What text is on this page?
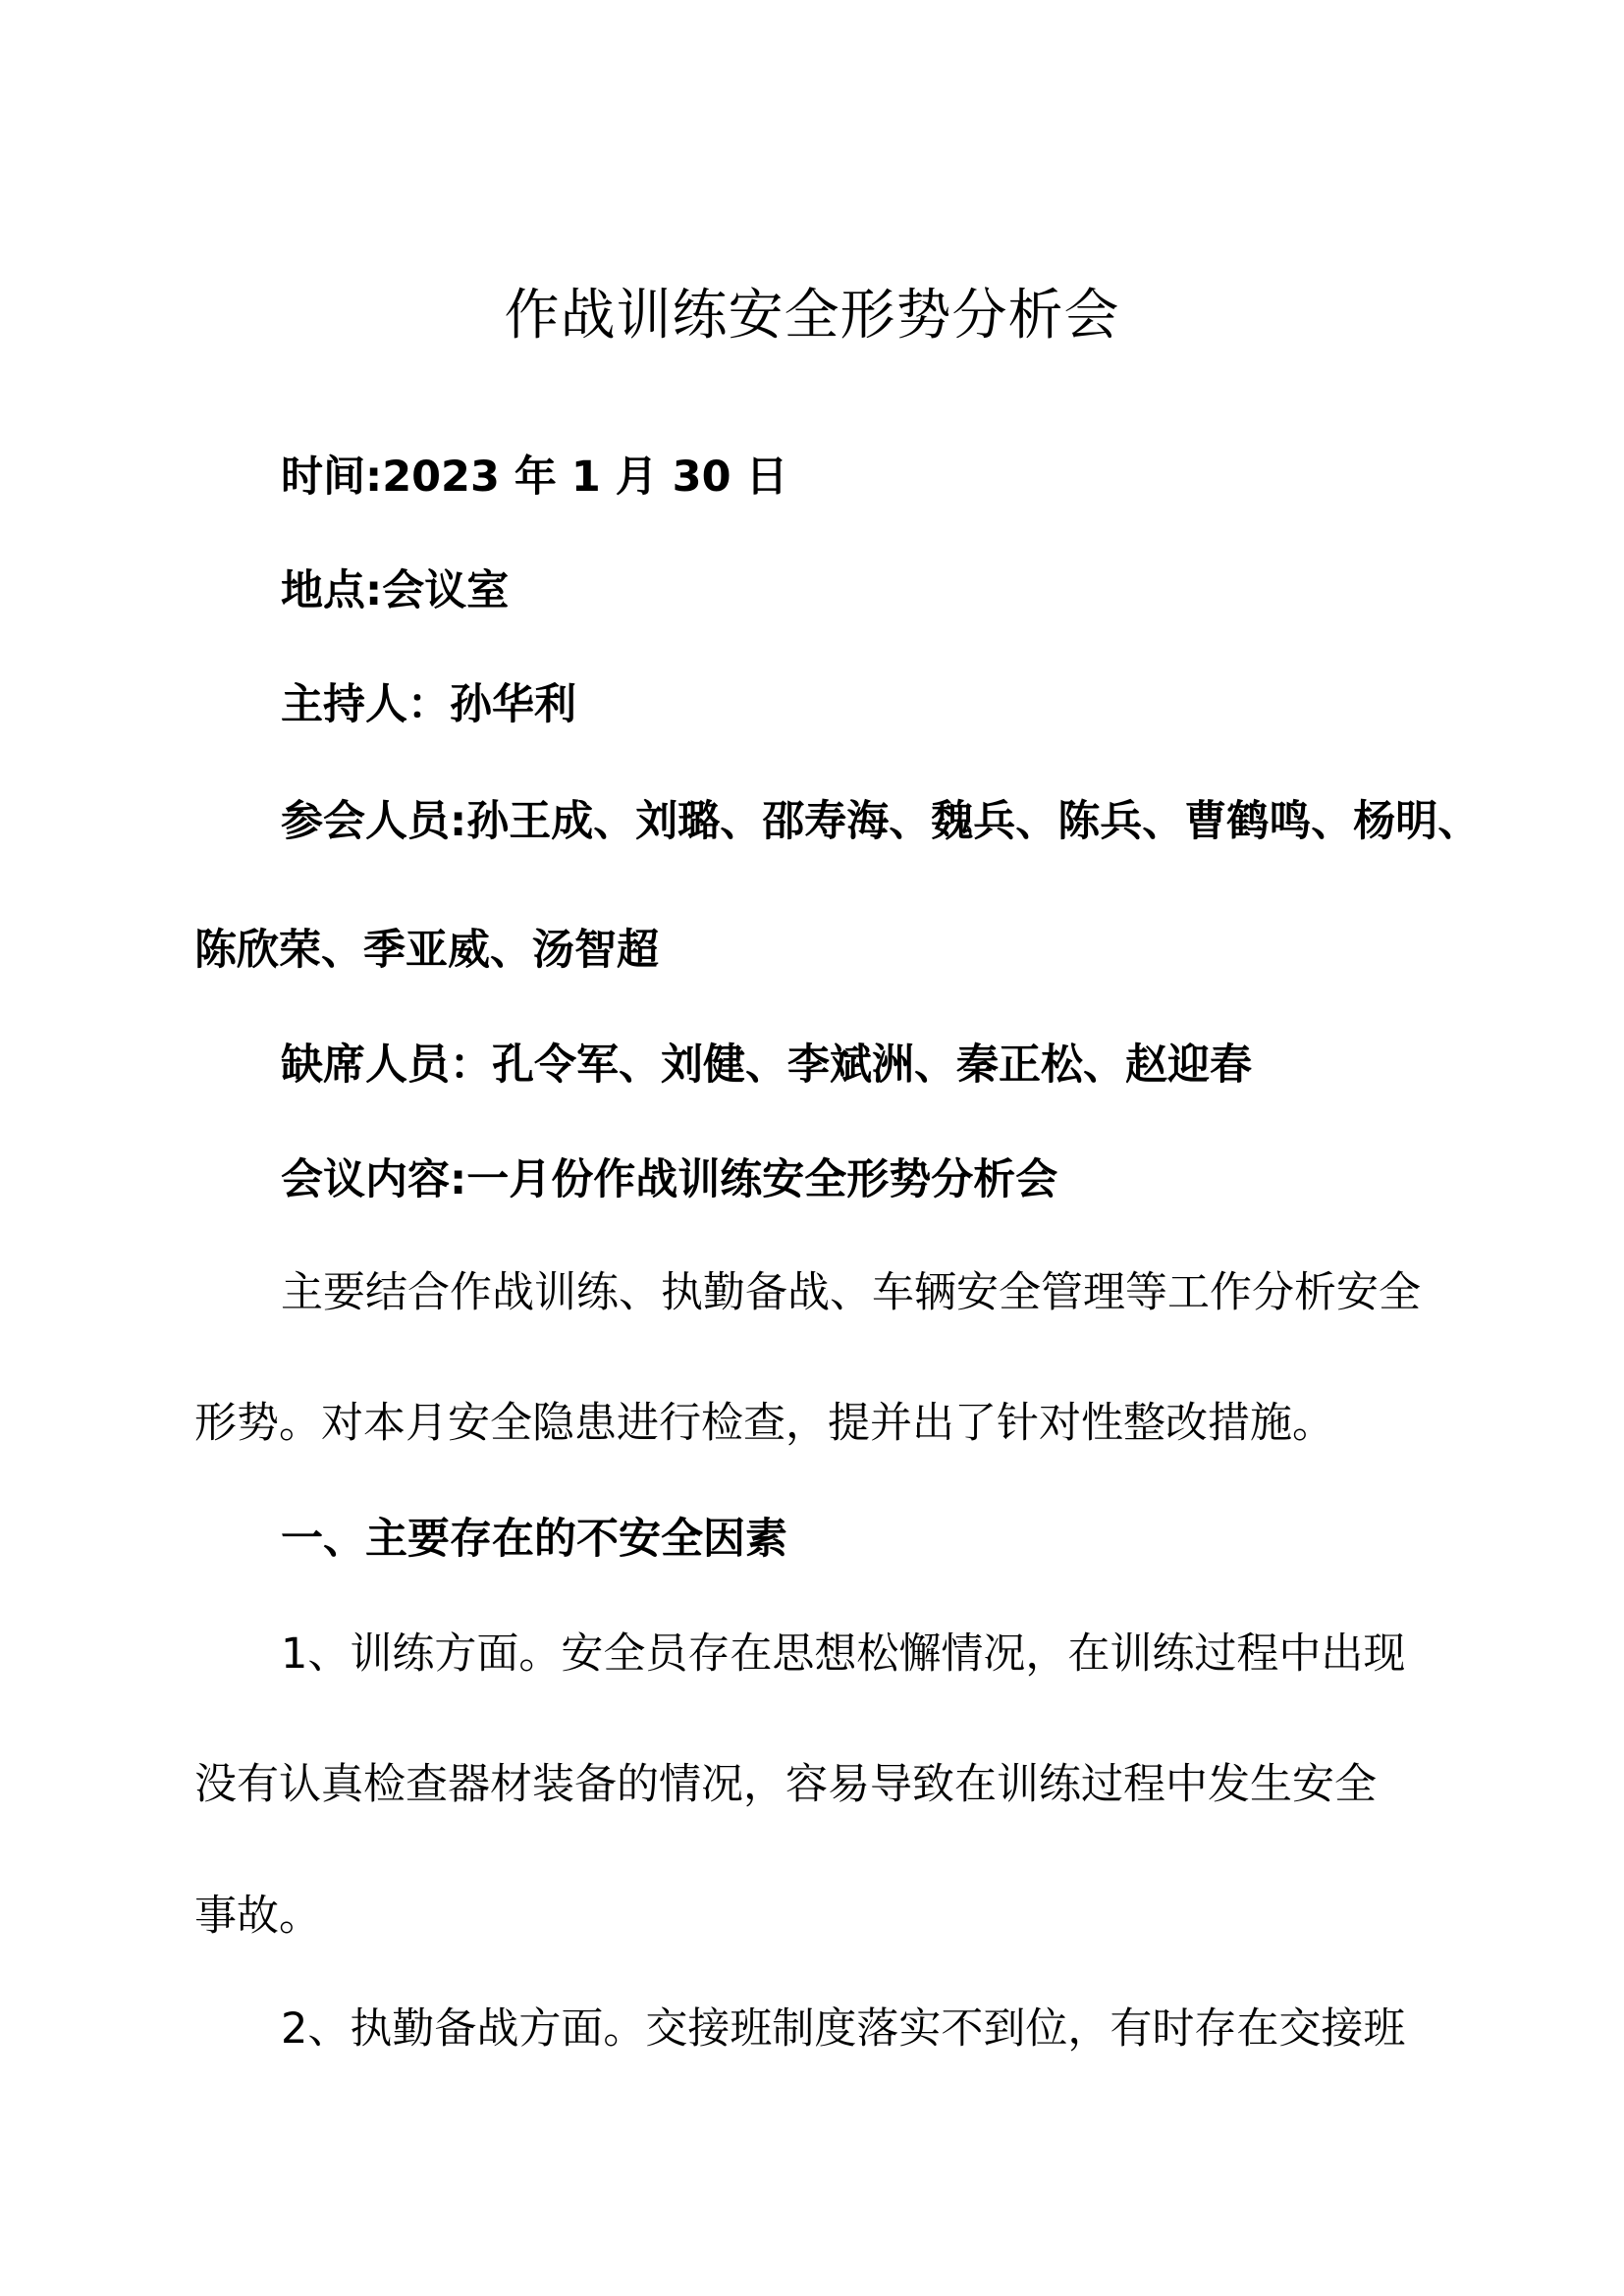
作战训练安全形势分析会

时间:2023 年 1 月 30 日

地点:会议室

主持人：孙华利

参会人员:孙王成、刘璐、邵寿海、魏兵、陈兵、曹鹤鸣、杨明、

陈欣荣、季亚威、汤智超

缺席人员：孔令军、刘健、李斌洲、秦正松、赵迎春

会议内容:一月份作战训练安全形势分析会

主要结合作战训练、执勤备战、车辆安全管理等工作分析安全

形势。对本月安全隐患进行检查，提并出了针对性整改措施。

一、主要存在的不安全因素

1、训练方面。安全员存在思想松懈情况，在训练过程中出现

没有认真检查器材装备的情况，容易导致在训练过程中发生安全

事故。

2、执勤备战方面。交接班制度落实不到位，有时存在交接班
